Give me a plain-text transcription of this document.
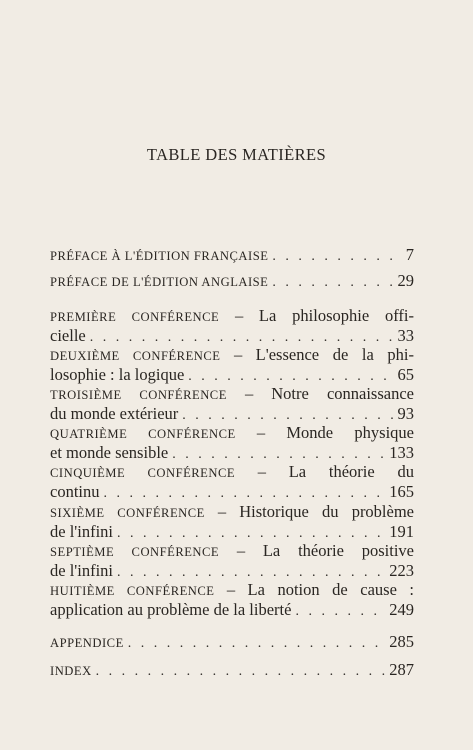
TABLE DES MATIÈRES
PRÉFACE À L'ÉDITION FRANÇAISE . . .	7
PRÉFACE DE L'ÉDITION ANGLAISE . . .	29
PREMIÈRE CONFÉRENCE – La philosophie offi-
cielle . . .	33
DEUXIÈME CONFÉRENCE – L'essence de la phi-
losophie : la logique . . .	65
TROISIÈME CONFÉRENCE – Notre connaissance
du monde extérieur . . .	93
QUATRIÈME CONFÉRENCE – Monde physique
et monde sensible . . .	133
CINQUIÈME CONFÉRENCE – La théorie du
continu . . .	165
SIXIÈME CONFÉRENCE – Historique du problème
de l'infini . . .	191
SEPTIÈME CONFÉRENCE – La théorie positive
de l'infini . . .	223
HUITIÈME CONFÉRENCE – La notion de cause :
application au problème de la liberté . . .	249
APPENDICE . . .	285
INDEX . . .	287
